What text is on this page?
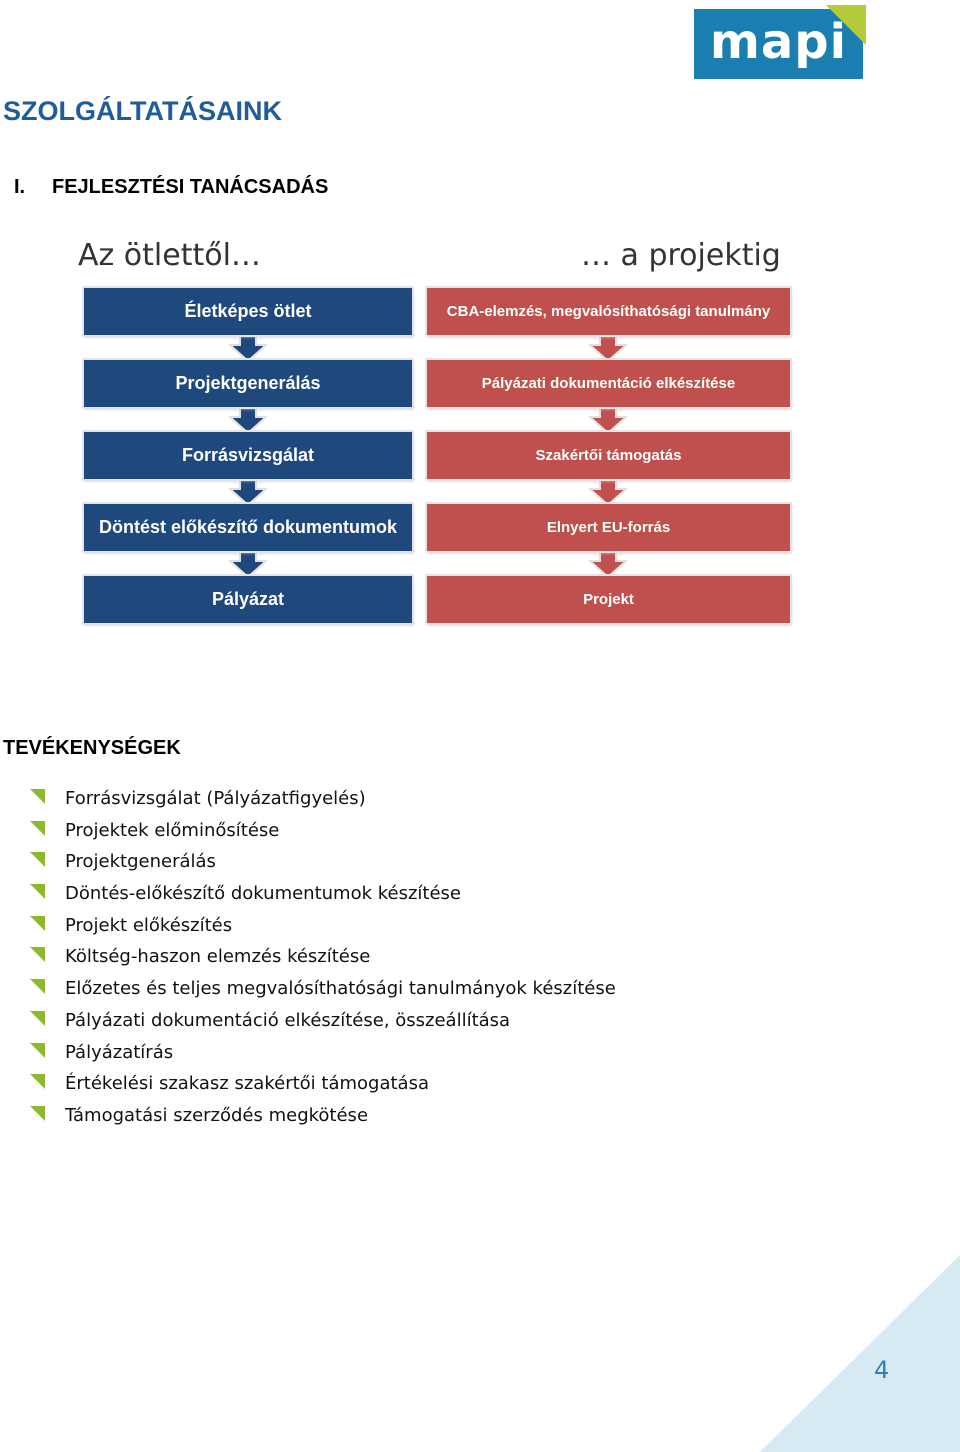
mapi
SZOLGÁLTATÁSAINK
I. FEJLESZTÉSI TANÁCSADÁS
Az ötlettől…	… a projektig
Életképes ötlet
Projektgenerálás
Forrásvizsgálat
Döntést előkészítő dokumentumok
Pályázat
CBA-elemzés, megvalósíthatósági tanulmány
Pályázati dokumentáció elkészítése
Szakértői támogatás
Elnyert EU-forrás
Projekt
TEVÉKENYSÉGEK
Forrásvizsgálat (Pályázatfigyelés)
Projektek előminősítése
Projektgenerálás
Döntés-előkészítő dokumentumok készítése
Projekt előkészítés
Költség-haszon elemzés készítése
Előzetes és teljes megvalósíthatósági tanulmányok készítése
Pályázati dokumentáció elkészítése, összeállítása
Pályázatírás
Értékelési szakasz szakértői támogatása
Támogatási szerződés megkötése
4
